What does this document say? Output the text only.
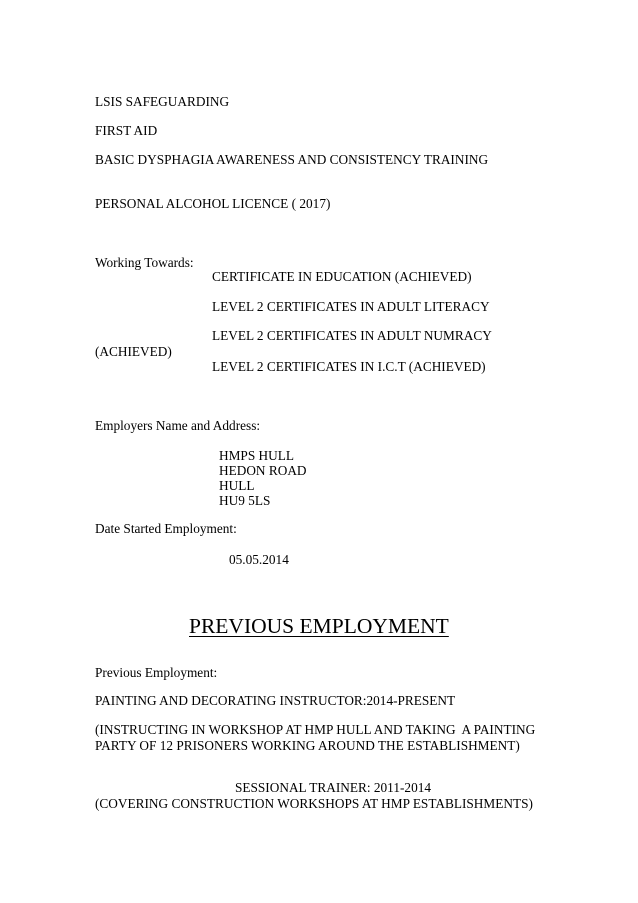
LSIS SAFEGUARDING
FIRST AID
BASIC DYSPHAGIA AWARENESS AND CONSISTENCY TRAINING
PERSONAL ALCOHOL LICENCE ( 2017)
Working Towards:
CERTIFICATE IN EDUCATION (ACHIEVED)
LEVEL 2 CERTIFICATES IN ADULT LITERACY
LEVEL 2 CERTIFICATES IN ADULT NUMRACY
(ACHIEVED)
LEVEL 2 CERTIFICATES IN I.C.T (ACHIEVED)
Employers Name and Address:
HMPS HULL
HEDON ROAD
HULL
HU9 5LS
Date Started Employment:
05.05.2014
PREVIOUS EMPLOYMENT
Previous Employment:
PAINTING AND DECORATING INSTRUCTOR:2014-PRESENT
(INSTRUCTING IN WORKSHOP AT HMP HULL AND TAKING  A PAINTING
PARTY OF 12 PRISONERS WORKING AROUND THE ESTABLISHMENT)
SESSIONAL TRAINER: 2011-2014
(COVERING CONSTRUCTION WORKSHOPS AT HMP ESTABLISHMENTS)
